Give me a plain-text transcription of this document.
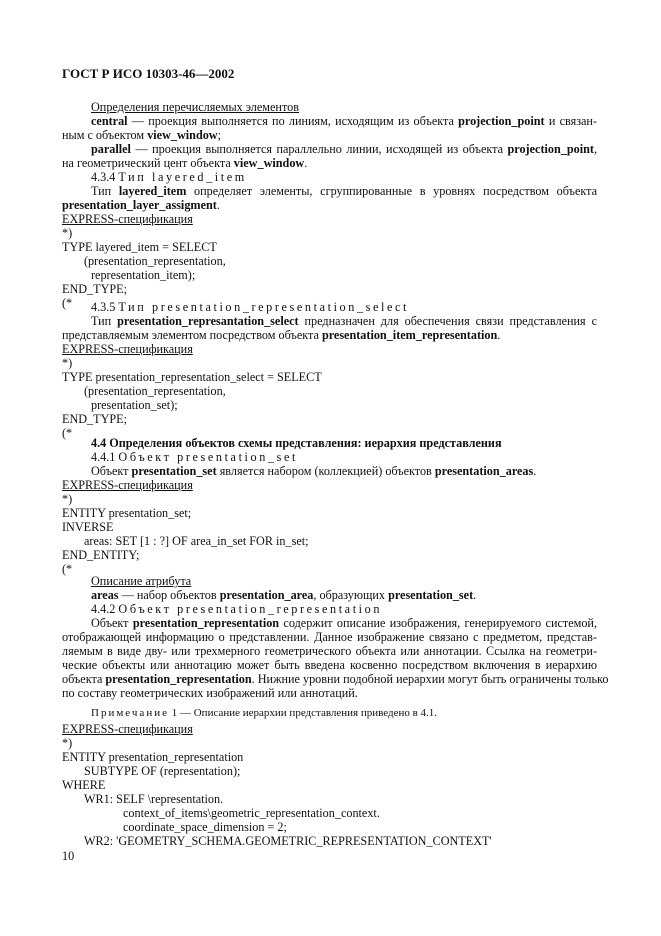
ГОСТ Р ИСО 10303-46—2002
Определения перечисляемых элементов
central — проекция выполняется по линиям, исходящим из объекта projection_point и связан-
ным с объектом view_window;
parallel — проекция выполняется параллельно линии, исходящей из объекта projection_point,
на геометрический цент объекта view_window.
4.3.4 Тип layered_item
Тип layered_item определяет элементы, сгруппированные в уровнях посредством объекта
presentation_layer_assigment.
EXPRESS-спецификация
*)
TYPE layered_item = SELECT
(presentation_representation,
representation_item);
END_TYPE;
(* 4.3.5 Тип presentation_representation_select
Тип presentation_represantation_select предназначен для обеспечения связи представления с
представляемым элементом посредством объекта presentation_item_representation.
EXPRESS-спецификация
*)
TYPE presentation_representation_select = SELECT
(presentation_representation,
presentation_set);
END_TYPE;
(*
4.4 Определения объектов схемы представления: иерархия представления
4.4.1 Объект presentation_set
Объект presentation_set является набором (коллекцией) объектов presentation_areas.
EXPRESS-спецификация
*)
ENTITY presentation_set;
INVERSE
areas: SET [1 : ?] OF area_in_set FOR in_set;
END_ENTITY;
(*
Описание атрибута
areas — набор объектов presentation_area, образующих presentation_set.
4.4.2 Объект presentation_representation
Объект presentation_representation содержит описание изображения, генерируемого системой,
отображающей информацию о представлении. Данное изображение связано с предметом, представ-
ляемым в виде дву- или трехмерного геометрического объекта или аннотации. Ссылка на геометри-
ческие объекты или аннотацию может быть введена косвенно посредством включения в иерархию
объекта presentation_representation. Нижние уровни подобной иерархии могут быть ограничены только
по составу геометрических изображений или аннотаций.
Примечание 1 — Описание иерархии представления приведено в 4.1.
EXPRESS-спецификация
*)
ENTITY presentation_representation
SUBTYPE OF (representation);
WHERE
WR1: SELF \representation.
context_of_items\geometric_representation_context.
coordinate_space_dimension = 2;
WR2: 'GEOMETRY_SCHEMA.GEOMETRIC_REPRESENTATION_CONTEXT'
10
